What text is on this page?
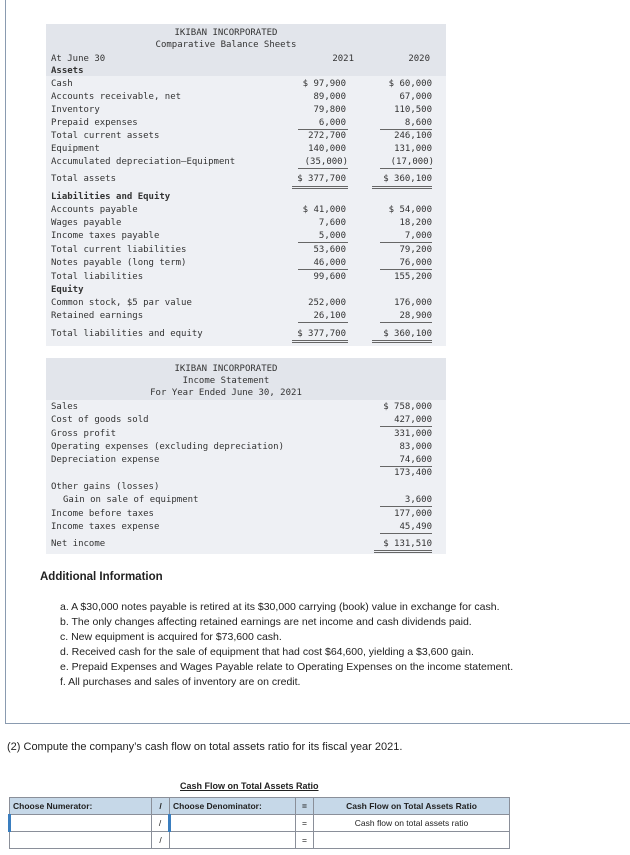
IKIBAN INCORPORATED
Comparative Balance Sheets
At June 30	2021	2020
Assets
Cash	$ 97,900	$ 60,000
Accounts receivable, net	89,000	67,000
Inventory	79,800	110,500
Prepaid expenses	6,000	8,600
Total current assets	272,700	246,100
Equipment	140,000	131,000
Accumulated depreciation—Equipment	(35,000)	(17,000)
Total assets	$ 377,700	$ 360,100
Liabilities and Equity
Accounts payable	$ 41,000	$ 54,000
Wages payable	7,600	18,200
Income taxes payable	5,000	7,000
Total current liabilities	53,600	79,200
Notes payable (long term)	46,000	76,000
Total liabilities	99,600	155,200
Equity
Common stock, $5 par value	252,000	176,000
Retained earnings	26,100	28,900
Total liabilities and equity	$ 377,700	$ 360,100
IKIBAN INCORPORATED
Income Statement
For Year Ended June 30, 2021
Sales	$ 758,000
Cost of goods sold	427,000
Gross profit	331,000
Operating expenses (excluding depreciation)	83,000
Depreciation expense	74,600
173,400
Other gains (losses)
Gain on sale of equipment	3,600
Income before taxes	177,000
Income taxes expense	45,490
Net income	$ 131,510
Additional Information
a. A $30,000 notes payable is retired at its $30,000 carrying (book) value in exchange for cash.
b. The only changes affecting retained earnings are net income and cash dividends paid.
c. New equipment is acquired for $73,600 cash.
d. Received cash for the sale of equipment that had cost $64,600, yielding a $3,600 gain.
e. Prepaid Expenses and Wages Payable relate to Operating Expenses on the income statement.
f. All purchases and sales of inventory are on credit.
(2) Compute the company’s cash flow on total assets ratio for its fiscal year 2021.
Cash Flow on Total Assets Ratio
Choose Numerator:	/	Choose Denominator:	=	Cash Flow on Total Assets Ratio
	/		=	Cash flow on total assets ratio
	/		=	
